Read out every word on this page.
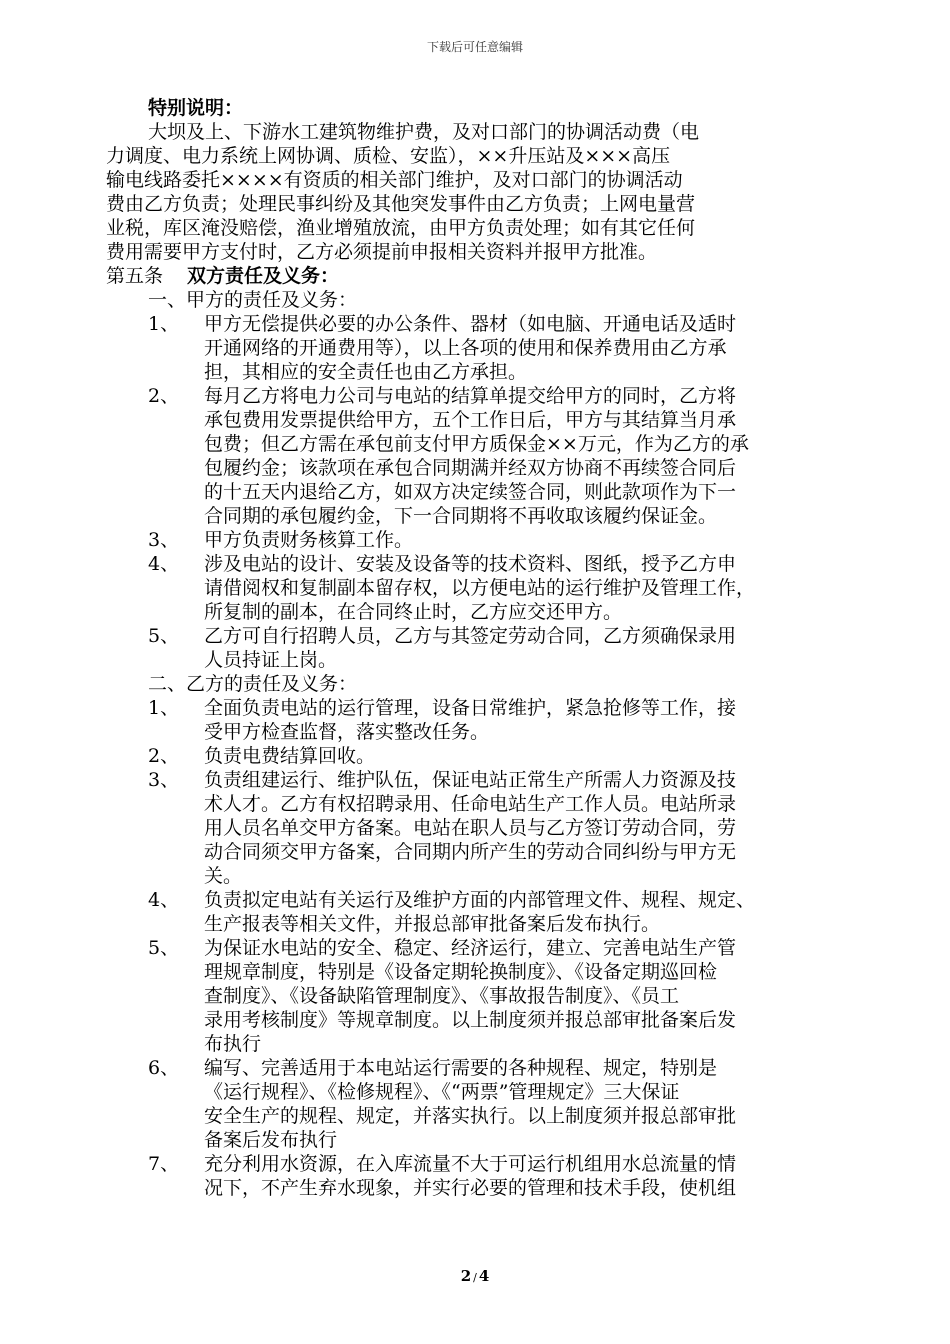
下载后可任意编辑
特别说明：
大坝及上、下游水工建筑物维护费，及对口部门的协调活动费（电
力调度、电力系统上网协调、质检、安监），××升压站及×××高压
输电线路委托××××有资质的相关部门维护，及对口部门的协调活动
费由乙方负责；处理民事纠纷及其他突发事件由乙方负责；上网电量营
业税，库区淹没赔偿，渔业增殖放流，由甲方负责处理；如有其它任何
费用需要甲方支付时，乙方必须提前申报相关资料并报甲方批准。
第五条 双方责任及义务：
一、甲方的责任及义务：
1、 甲方无偿提供必要的办公条件、器材（如电脑、开通电话及适时
开通网络的开通费用等），以上各项的使用和保养费用由乙方承
担，其相应的安全责任也由乙方承担。
2、 每月乙方将电力公司与电站的结算单提交给甲方的同时，乙方将
承包费用发票提供给甲方，五个工作日后，甲方与其结算当月承
包费；但乙方需在承包前支付甲方质保金××万元，作为乙方的承
包履约金；该款项在承包合同期满并经双方协商不再续签合同后
的十五天内退给乙方，如双方决定续签合同，则此款项作为下一
合同期的承包履约金，下一合同期将不再收取该履约保证金。
3、 甲方负责财务核算工作。
4、 涉及电站的设计、安装及设备等的技术资料、图纸，授予乙方申
请借阅权和复制副本留存权，以方便电站的运行维护及管理工作，
所复制的副本，在合同终止时，乙方应交还甲方。
5、 乙方可自行招聘人员，乙方与其签定劳动合同，乙方须确保录用
人员持证上岗。
二、乙方的责任及义务：
1、 全面负责电站的运行管理，设备日常维护，紧急抢修等工作，接
受甲方检查监督，落实整改任务。
2、 负责电费结算回收。
3、 负责组建运行、维护队伍，保证电站正常生产所需人力资源及技
术人才。乙方有权招聘录用、任命电站生产工作人员。电站所录
用人员名单交甲方备案。电站在职人员与乙方签订劳动合同，劳
动合同须交甲方备案，合同期内所产生的劳动合同纠纷与甲方无
关。
4、 负责拟定电站有关运行及维护方面的内部管理文件、规程、规定、
生产报表等相关文件，并报总部审批备案后发布执行。
5、 为保证水电站的安全、稳定、经济运行，建立、完善电站生产管
理规章制度，特别是《设备定期轮换制度》、《设备定期巡回检
查制度》、《设备缺陷管理制度》、《事故报告制度》、《员工
录用考核制度》等规章制度。以上制度须并报总部审批备案后发
布执行
6、 编写、完善适用于本电站运行需要的各种规程、规定，特别是
《运行规程》、《检修规程》、《“两票”管理规定》三大保证
安全生产的规程、规定，并落实执行。以上制度须并报总部审批
备案后发布执行
7、 充分利用水资源，在入库流量不大于可运行机组用水总流量的情
况下，不产生弃水现象，并实行必要的管理和技术手段，使机组
2 / 4
